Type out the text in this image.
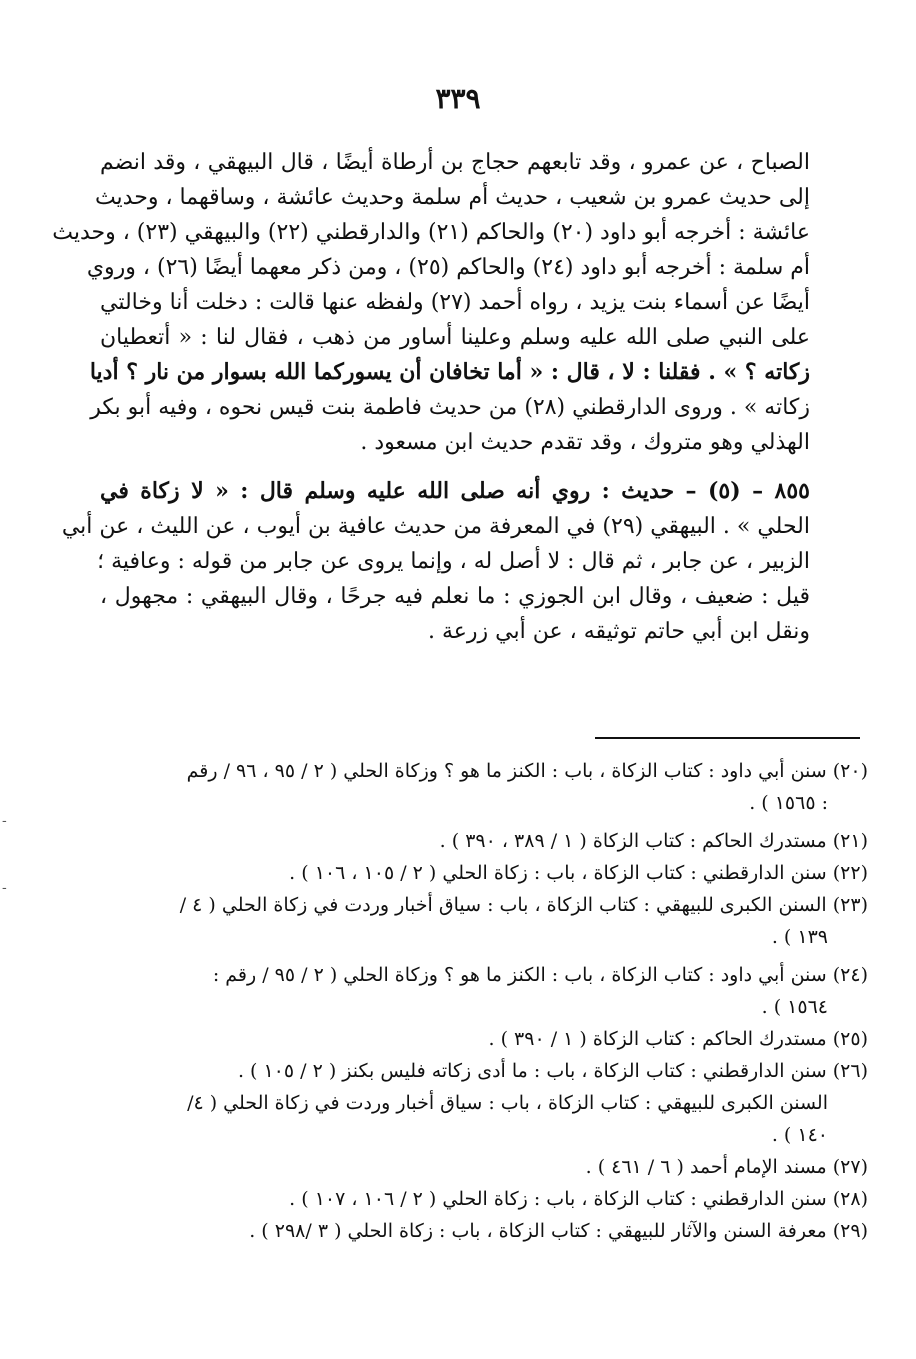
٣٣٩
الصباح ، عن عمرو ، وقد تابعهم حجاج بن أرطاة أيضًا ، قال البيهقي ، وقد انضم
إلى حديث عمرو بن شعيب ، حديث أم سلمة وحديث عائشة ، وساقهما ، وحديث
عائشة : أخرجه أبو داود (٢٠) والحاكم (٢١) والدارقطني (٢٢) والبيهقي (٢٣) ، وحديث
أم سلمة : أخرجه أبو داود (٢٤) والحاكم (٢٥) ، ومن ذكر معهما أيضًا (٢٦) ، وروي
أيضًا عن أسماء بنت يزيد ، رواه أحمد (٢٧) ولفظه عنها قالت : دخلت أنا وخالتي
على النبي صلى الله عليه وسلم وعلينا أساور من ذهب ، فقال لنا : « أتعطيان
زكاته ؟ » . فقلنا : لا ، قال : « أما تخافان أن يسوركما الله بسوار من نار ؟ أديا
زكاته » . وروى الدارقطني (٢٨) من حديث فاطمة بنت قيس نحوه ، وفيه أبو بكر
الهذلي وهو متروك ، وقد تقدم حديث ابن مسعود .
٨٥٥ – (٥) – حديث : روي أنه صلى الله عليه وسلم قال : « لا زكاة في
الحلي » . البيهقي (٢٩) في المعرفة من حديث عافية بن أيوب ، عن الليث ، عن أبي
الزبير ، عن جابر ، ثم قال : لا أصل له ، وإنما يروى عن جابر من قوله : وعافية ؛
قيل : ضعيف ، وقال ابن الجوزي : ما نعلم فيه جرحًا ، وقال البيهقي : مجهول ،
ونقل ابن أبي حاتم توثيقه ، عن أبي زرعة .
(٢٠) سنن أبي داود : كتاب الزكاة ، باب : الكنز ما هو ؟ وزكاة الحلي ( ٢ / ٩٥ ، ٩٦ / رقم
: ١٥٦٥ ) .
(٢١) مستدرك الحاكم : كتاب الزكاة ( ١ / ٣٨٩ ، ٣٩٠ ) .
(٢٢) سنن الدارقطني : كتاب الزكاة ، باب : زكاة الحلي ( ٢ / ١٠٥ ، ١٠٦ ) .
(٢٣) السنن الكبرى للبيهقي : كتاب الزكاة ، باب : سياق أخبار وردت في زكاة الحلي ( ٤ /
١٣٩ ) .
(٢٤) سنن أبي داود : كتاب الزكاة ، باب : الكنز ما هو ؟ وزكاة الحلي ( ٢ / ٩٥ / رقم :
١٥٦٤ ) .
(٢٥) مستدرك الحاكم : كتاب الزكاة ( ١ / ٣٩٠ ) .
(٢٦) سنن الدارقطني : كتاب الزكاة ، باب : ما أدى زكاته فليس بكنز ( ٢ / ١٠٥ ) .
السنن الكبرى للبيهقي : كتاب الزكاة ، باب : سياق أخبار وردت في زكاة الحلي ( ٤/
١٤٠ ) .
(٢٧) مسند الإمام أحمد ( ٦ / ٤٦١ ) .
(٢٨) سنن الدارقطني : كتاب الزكاة ، باب : زكاة الحلي ( ٢ / ١٠٦ ، ١٠٧ ) .
(٢٩) معرفة السنن والآثار للبيهقي : كتاب الزكاة ، باب : زكاة الحلي ( ٣ /٢٩٨ ) .
-
-
